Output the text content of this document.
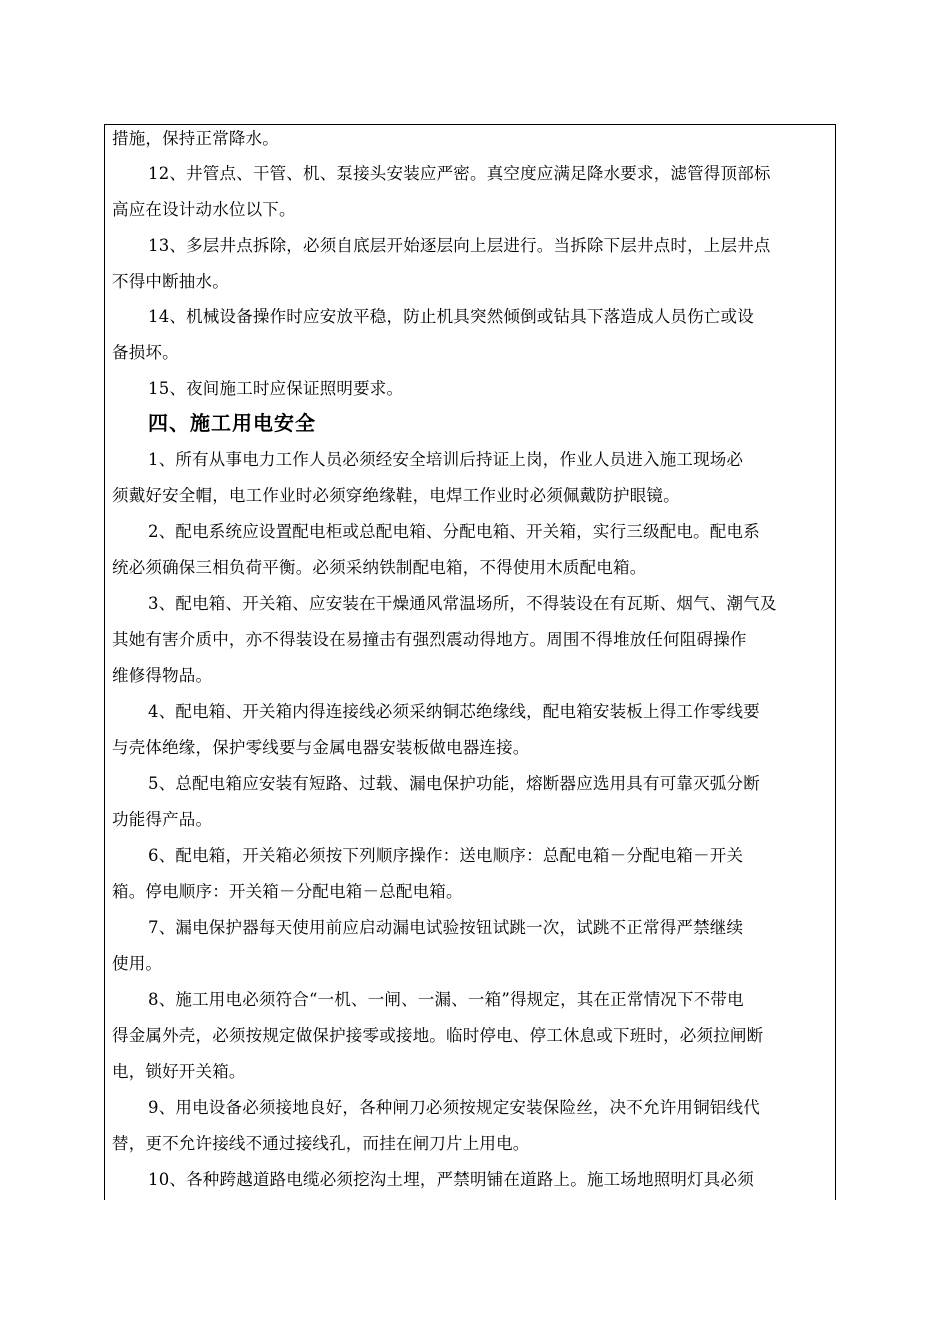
措施，保持正常降水。
12、井管点、干管、机、泵接头安装应严密。真空度应满足降水要求，滤管得顶部标
高应在设计动水位以下。
13、多层井点拆除，必须自底层开始逐层向上层进行。当拆除下层井点时，上层井点
不得中断抽水。
14、机械设备操作时应安放平稳，防止机具突然倾倒或钻具下落造成人员伤亡或设
备损坏。
15、夜间施工时应保证照明要求。
四、施工用电安全
1、所有从事电力工作人员必须经安全培训后持证上岗，作业人员进入施工现场必
须戴好安全帽，电工作业时必须穿绝缘鞋，电焊工作业时必须佩戴防护眼镜。
2、配电系统应设置配电柜或总配电箱、分配电箱、开关箱，实行三级配电。配电系
统必须确保三相负荷平衡。必须采纳铁制配电箱，不得使用木质配电箱。
3、配电箱、开关箱、应安装在干燥通风常温场所，不得装设在有瓦斯、烟气、潮气及
其她有害介质中，亦不得装设在易撞击有强烈震动得地方。周围不得堆放任何阻碍操作
维修得物品。
4、配电箱、开关箱内得连接线必须采纳铜芯绝缘线，配电箱安装板上得工作零线要
与壳体绝缘，保护零线要与金属电器安装板做电器连接。
5、总配电箱应安装有短路、过载、漏电保护功能，熔断器应选用具有可靠灭弧分断
功能得产品。
6、配电箱，开关箱必须按下列顺序操作：送电顺序：总配电箱－分配电箱－开关
箱。停电顺序：开关箱－分配电箱－总配电箱。
7、漏电保护器每天使用前应启动漏电试验按钮试跳一次，试跳不正常得严禁继续
使用。
8、施工用电必须符合“一机、一闸、一漏、一箱”得规定，其在正常情况下不带电
得金属外壳，必须按规定做保护接零或接地。临时停电、停工休息或下班时，必须拉闸断
电，锁好开关箱。
9、用电设备必须接地良好，各种闸刀必须按规定安装保险丝，决不允许用铜铝线代
替，更不允许接线不通过接线孔，而挂在闸刀片上用电。
10、各种跨越道路电缆必须挖沟土埋，严禁明铺在道路上。施工场地照明灯具必须
